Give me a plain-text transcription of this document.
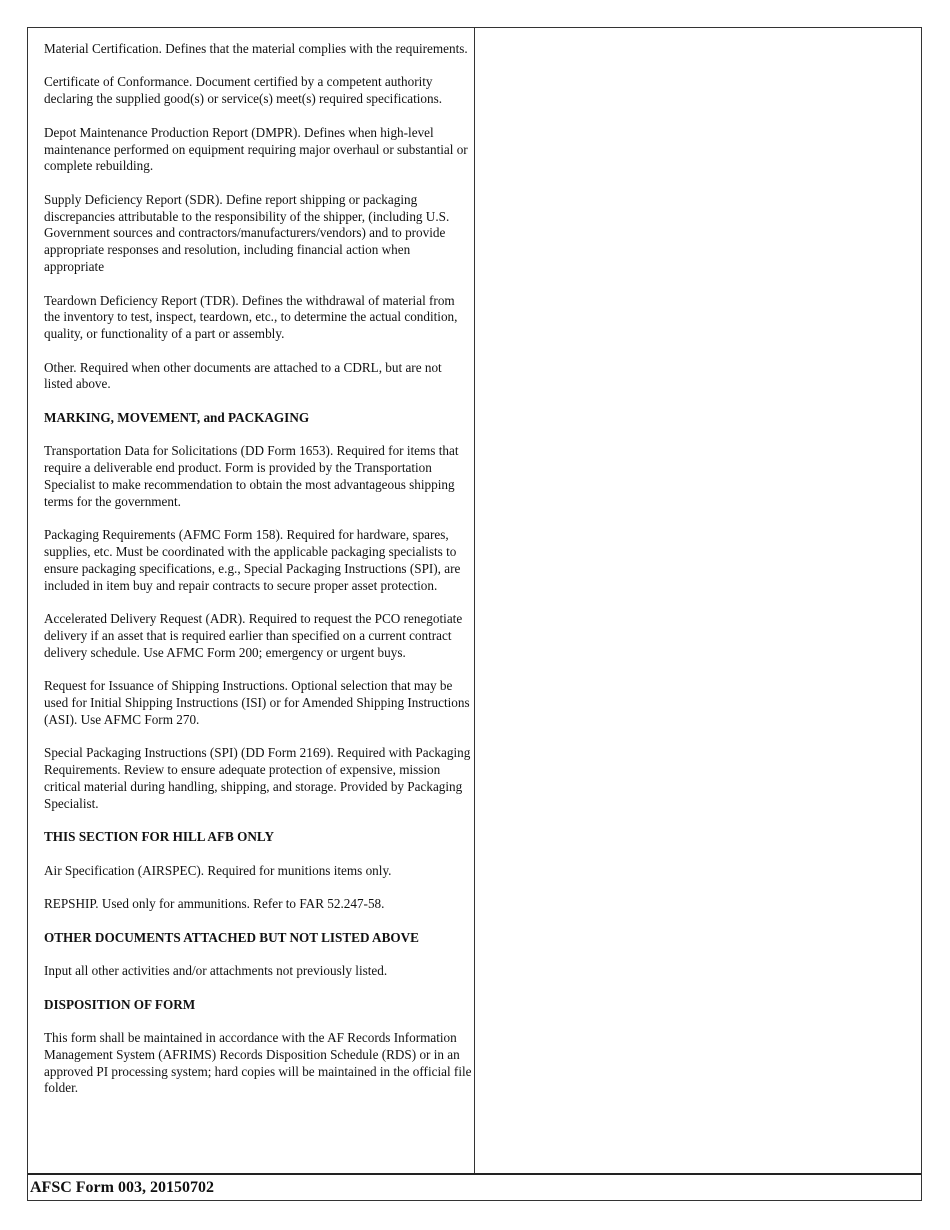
Material Certification. Defines that the material complies with the requirements.

Certificate of Conformance. Document certified by a competent authority declaring the supplied good(s) or service(s) meet(s) required specifications.

Depot Maintenance Production Report (DMPR). Defines when high-level maintenance performed on equipment requiring major overhaul or substantial or complete rebuilding.

Supply Deficiency Report (SDR). Define report shipping or packaging discrepancies attributable to the responsibility of the shipper, (including U.S. Government sources and contractors/manufacturers/vendors) and to provide appropriate responses and resolution, including financial action when appropriate

Teardown Deficiency Report (TDR). Defines the withdrawal of material from the inventory to test, inspect, teardown, etc., to determine the actual condition, quality, or functionality of a part or assembly.

Other. Required when other documents are attached to a CDRL, but are not listed above.

MARKING, MOVEMENT, and PACKAGING

Transportation Data for Solicitations (DD Form 1653). Required for items that require a deliverable end product. Form is provided by the Transportation Specialist to make recommendation to obtain the most advantageous shipping terms for the government.

Packaging Requirements (AFMC Form 158). Required for hardware, spares, supplies, etc. Must be coordinated with the applicable packaging specialists to ensure packaging specifications, e.g., Special Packaging Instructions (SPI), are included in item buy and repair contracts to secure proper asset protection.

Accelerated Delivery Request (ADR). Required to request the PCO renegotiate delivery if an asset that is required earlier than specified on a current contract delivery schedule. Use AFMC Form 200; emergency or urgent buys.

Request for Issuance of Shipping Instructions. Optional selection that may be used for Initial Shipping Instructions (ISI) or for Amended Shipping Instructions (ASI). Use AFMC Form 270.

Special Packaging Instructions (SPI) (DD Form 2169). Required with Packaging Requirements. Review to ensure adequate protection of expensive, mission critical material during handling, shipping, and storage. Provided by Packaging Specialist.

THIS SECTION FOR HILL AFB ONLY

Air Specification (AIRSPEC). Required for munitions items only.

REPSHIP. Used only for ammunitions. Refer to FAR 52.247-58.

OTHER DOCUMENTS ATTACHED BUT NOT LISTED ABOVE

Input all other activities and/or attachments not previously listed.

DISPOSITION OF FORM

This form shall be maintained in accordance with the AF Records Information Management System (AFRIMS) Records Disposition Schedule (RDS) or in an approved PI processing system; hard copies will be maintained in the official file folder.

AFSC Form 003, 20150702
